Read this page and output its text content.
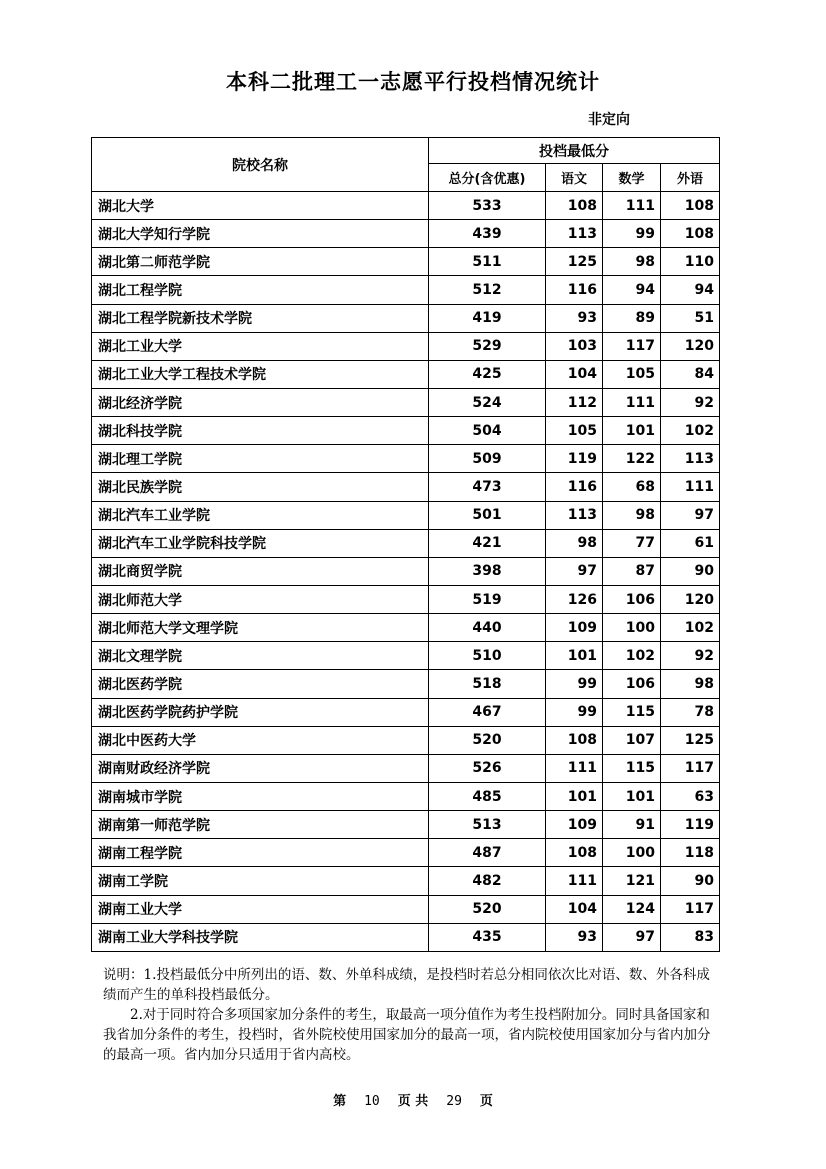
本科二批理工一志愿平行投档情况统计
非定向
院校名称	投档最低分			
	总分(含优惠)	语文	数学	外语
湖北大学	533	108	111	108
湖北大学知行学院	439	113	99	108
湖北第二师范学院	511	125	98	110
湖北工程学院	512	116	94	94
湖北工程学院新技术学院	419	93	89	51
湖北工业大学	529	103	117	120
湖北工业大学工程技术学院	425	104	105	84
湖北经济学院	524	112	111	92
湖北科技学院	504	105	101	102
湖北理工学院	509	119	122	113
湖北民族学院	473	116	68	111
湖北汽车工业学院	501	113	98	97
湖北汽车工业学院科技学院	421	98	77	61
湖北商贸学院	398	97	87	90
湖北师范大学	519	126	106	120
湖北师范大学文理学院	440	109	100	102
湖北文理学院	510	101	102	92
湖北医药学院	518	99	106	98
湖北医药学院药护学院	467	99	115	78
湖北中医药大学	520	108	107	125
湖南财政经济学院	526	111	115	117
湖南城市学院	485	101	101	63
湖南第一师范学院	513	109	91	119
湖南工程学院	487	108	100	118
湖南工学院	482	111	121	90
湖南工业大学	520	104	124	117
湖南工业大学科技学院	435	93	97	83

说明：1.投档最低分中所列出的语、数、外单科成绩，是投档时若总分相同依次比对语、数、外各科成绩而产生的单科投档最低分。

2.对于同时符合多项国家加分条件的考生，取最高一项分值作为考生投档附加分。同时具备国家和我省加分条件的考生，投档时，省外院校使用国家加分的最高一项，省内院校使用国家加分与省内加分的最高一项。省内加分只适用于省内高校。

第 10 页 共 29 页
